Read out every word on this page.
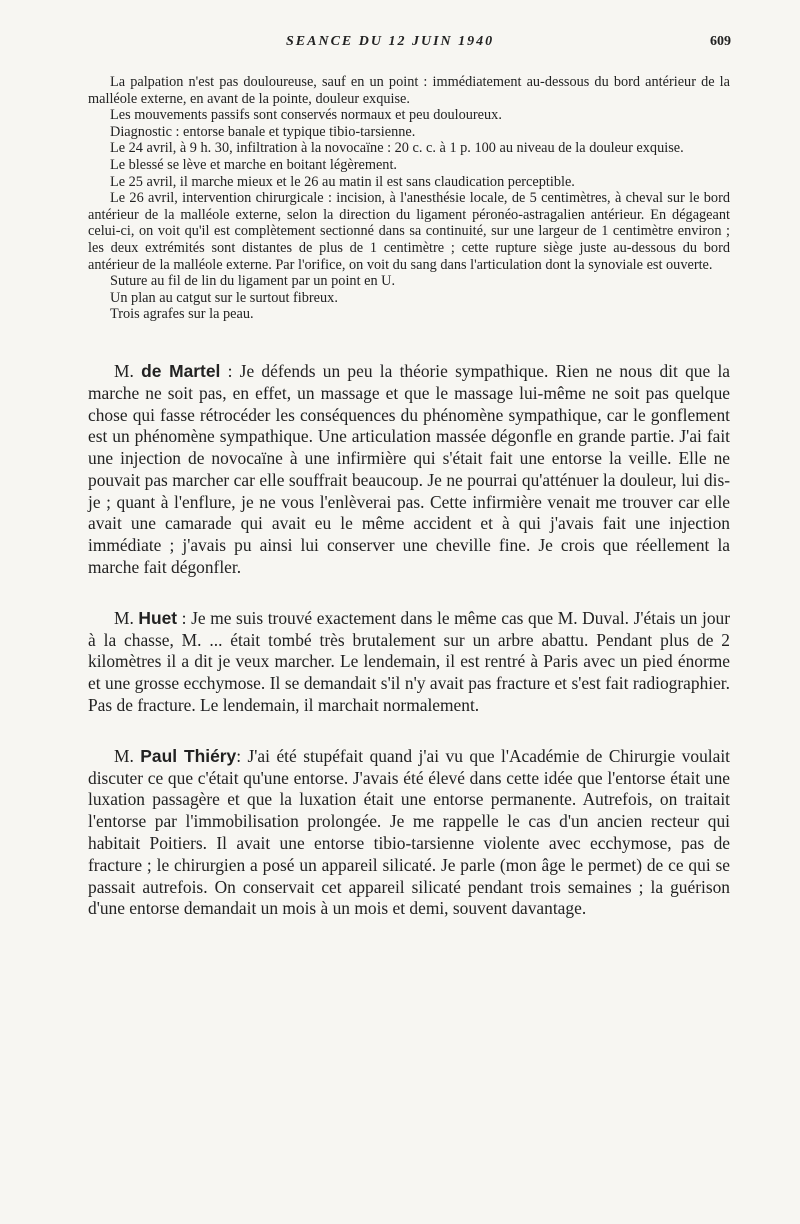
SEANCE DU 12 JUIN 1940	609

La palpation n'est pas douloureuse, sauf en un point : immédiatement au-dessous du bord antérieur de la malléole externe, en avant de la pointe, douleur exquise.

Les mouvements passifs sont conservés normaux et peu douloureux.

Diagnostic : entorse banale et typique tibio-tarsienne.

Le 24 avril, à 9 h. 30, infiltration à la novocaïne : 20 c. c. à 1 p. 100 au niveau de la douleur exquise.

Le blessé se lève et marche en boitant légèrement.

Le 25 avril, il marche mieux et le 26 au matin il est sans claudication perceptible.

Le 26 avril, intervention chirurgicale : incision, à l'anesthésie locale, de 5 centimètres, à cheval sur le bord antérieur de la malléole externe, selon la direction du ligament péronéo-astragalien antérieur. En dégageant celui-ci, on voit qu'il est complètement sectionné dans sa continuité, sur une largeur de 1 centimètre environ ; les deux extrémités sont distantes de plus de 1 centimètre ; cette rupture siège juste au-dessous du bord antérieur de la malléole externe. Par l'orifice, on voit du sang dans l'articulation dont la synoviale est ouverte.

Suture au fil de lin du ligament par un point en U.

Un plan au catgut sur le surtout fibreux.

Trois agrafes sur la peau.

M. de Martel : Je défends un peu la théorie sympathique. Rien ne nous dit que la marche ne soit pas, en effet, un massage et que le massage lui-même ne soit pas quelque chose qui fasse rétrocéder les conséquences du phénomène sympathique, car le gonflement est un phénomène sympathique. Une articulation massée dégonfle en grande partie. J'ai fait une injection de novocaïne à une infirmière qui s'était fait une entorse la veille. Elle ne pouvait pas marcher car elle souffrait beaucoup. Je ne pourrai qu'atténuer la douleur, lui dis-je ; quant à l'enflure, je ne vous l'enlèverai pas. Cette infirmière venait me trouver car elle avait une camarade qui avait eu le même accident et à qui j'avais fait une injection immédiate ; j'avais pu ainsi lui conserver une cheville fine. Je crois que réellement la marche fait dégonfler.

M. Huet : Je me suis trouvé exactement dans le même cas que M. Duval. J'étais un jour à la chasse, M. ... était tombé très brutalement sur un arbre abattu. Pendant plus de 2 kilomètres il a dit je veux marcher. Le lendemain, il est rentré à Paris avec un pied énorme et une grosse ecchymose. Il se demandait s'il n'y avait pas fracture et s'est fait radiographier. Pas de fracture. Le lendemain, il marchait normalement.

M. Paul Thiéry: J'ai été stupéfait quand j'ai vu que l'Académie de Chirurgie voulait discuter ce que c'était qu'une entorse. J'avais été élevé dans cette idée que l'entorse était une luxation passagère et que la luxation était une entorse permanente. Autrefois, on traitait l'entorse par l'immobilisation prolongée. Je me rappelle le cas d'un ancien recteur qui habitait Poitiers. Il avait une entorse tibio-tarsienne violente avec ecchymose, pas de fracture ; le chirurgien a posé un appareil silicaté. Je parle (mon âge le permet) de ce qui se passait autrefois. On conservait cet appareil silicaté pendant trois semaines ; la guérison d'une entorse demandait un mois à un mois et demi, souvent davantage.
